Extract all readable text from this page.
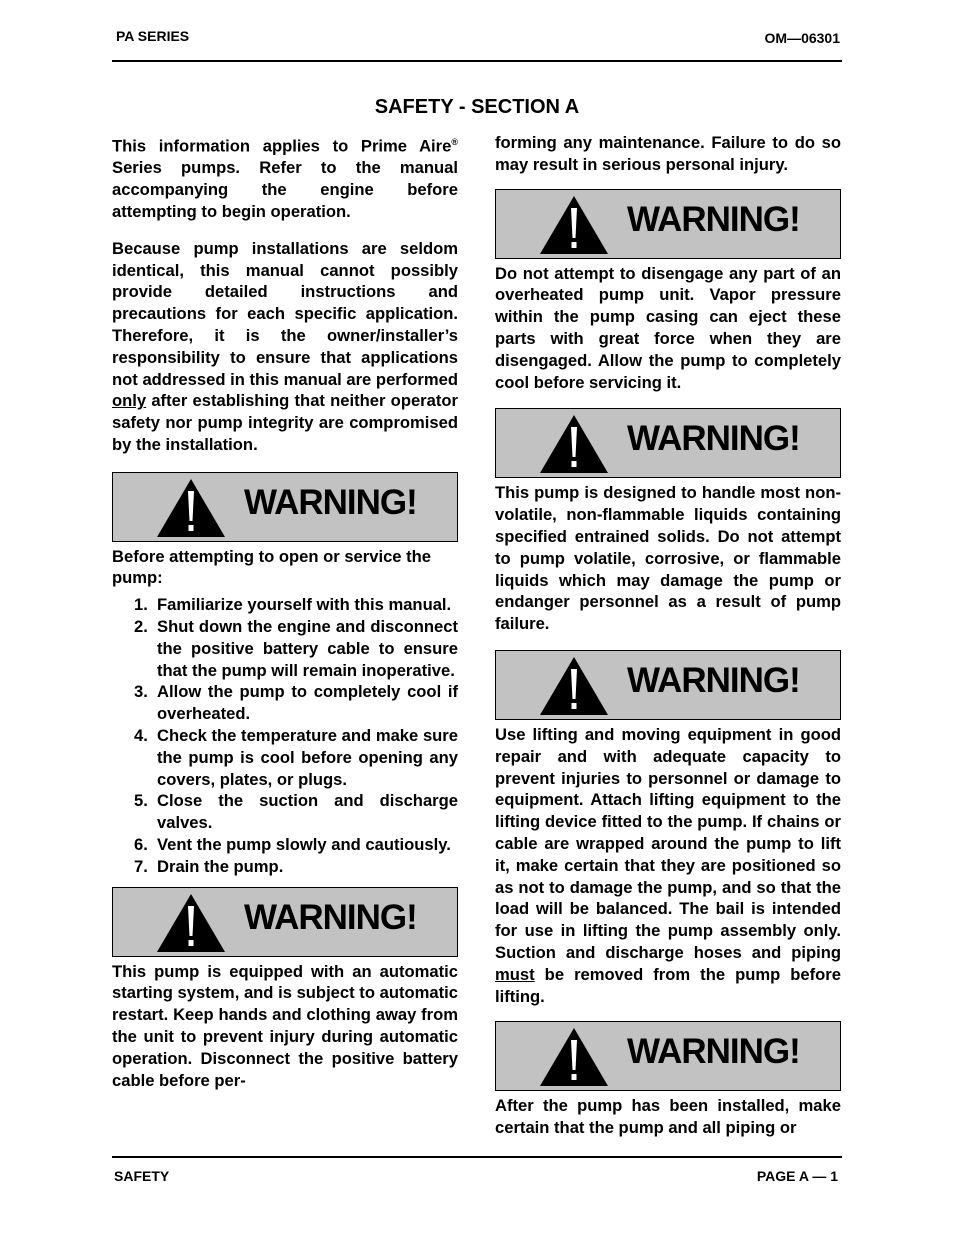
PA SERIES	OM—06301
SAFETY - SECTION A

This information applies to Prime Aire® Series pumps. Refer to the manual accompanying the engine before attempting to begin operation.

Because pump installations are seldom identical, this manual cannot possibly provide detailed instructions and precautions for each specific application. Therefore, it is the owner/installer’s responsibility to ensure that applications not addressed in this manual are performed only after establishing that neither operator safety nor pump integrity are compromised by the installation.

WARNING!

Before attempting to open or service the pump:

1. Familiarize yourself with this manual.
2. Shut down the engine and disconnect the positive battery cable to ensure that the pump will remain inoperative.
3. Allow the pump to completely cool if overheated.
4. Check the temperature and make sure the pump is cool before opening any covers, plates, or plugs.
5. Close the suction and discharge valves.
6. Vent the pump slowly and cautiously.
7. Drain the pump.
WARNING!

This pump is equipped with an automatic starting system, and is subject to automatic restart. Keep hands and clothing away from the unit to prevent injury during automatic operation. Disconnect the positive battery cable before per-

forming any maintenance. Failure to do so may result in serious personal injury.

WARNING!

Do not attempt to disengage any part of an overheated pump unit. Vapor pressure within the pump casing can eject these parts with great force when they are disengaged. Allow the pump to completely cool before servicing it.

WARNING!

This pump is designed to handle most non-volatile, non-flammable liquids containing specified entrained solids. Do not attempt to pump volatile, corrosive, or flammable liquids which may damage the pump or endanger personnel as a result of pump failure.

WARNING!

Use lifting and moving equipment in good repair and with adequate capacity to prevent injuries to personnel or damage to equipment. Attach lifting equipment to the lifting device fitted to the pump. If chains or cable are wrapped around the pump to lift it, make certain that they are positioned so as not to damage the pump, and so that the load will be balanced. The bail is intended for use in lifting the pump assembly only. Suction and discharge hoses and piping must be removed from the pump before lifting.

WARNING!

After the pump has been installed, make certain that the pump and all piping or

SAFETY	PAGE A — 1
